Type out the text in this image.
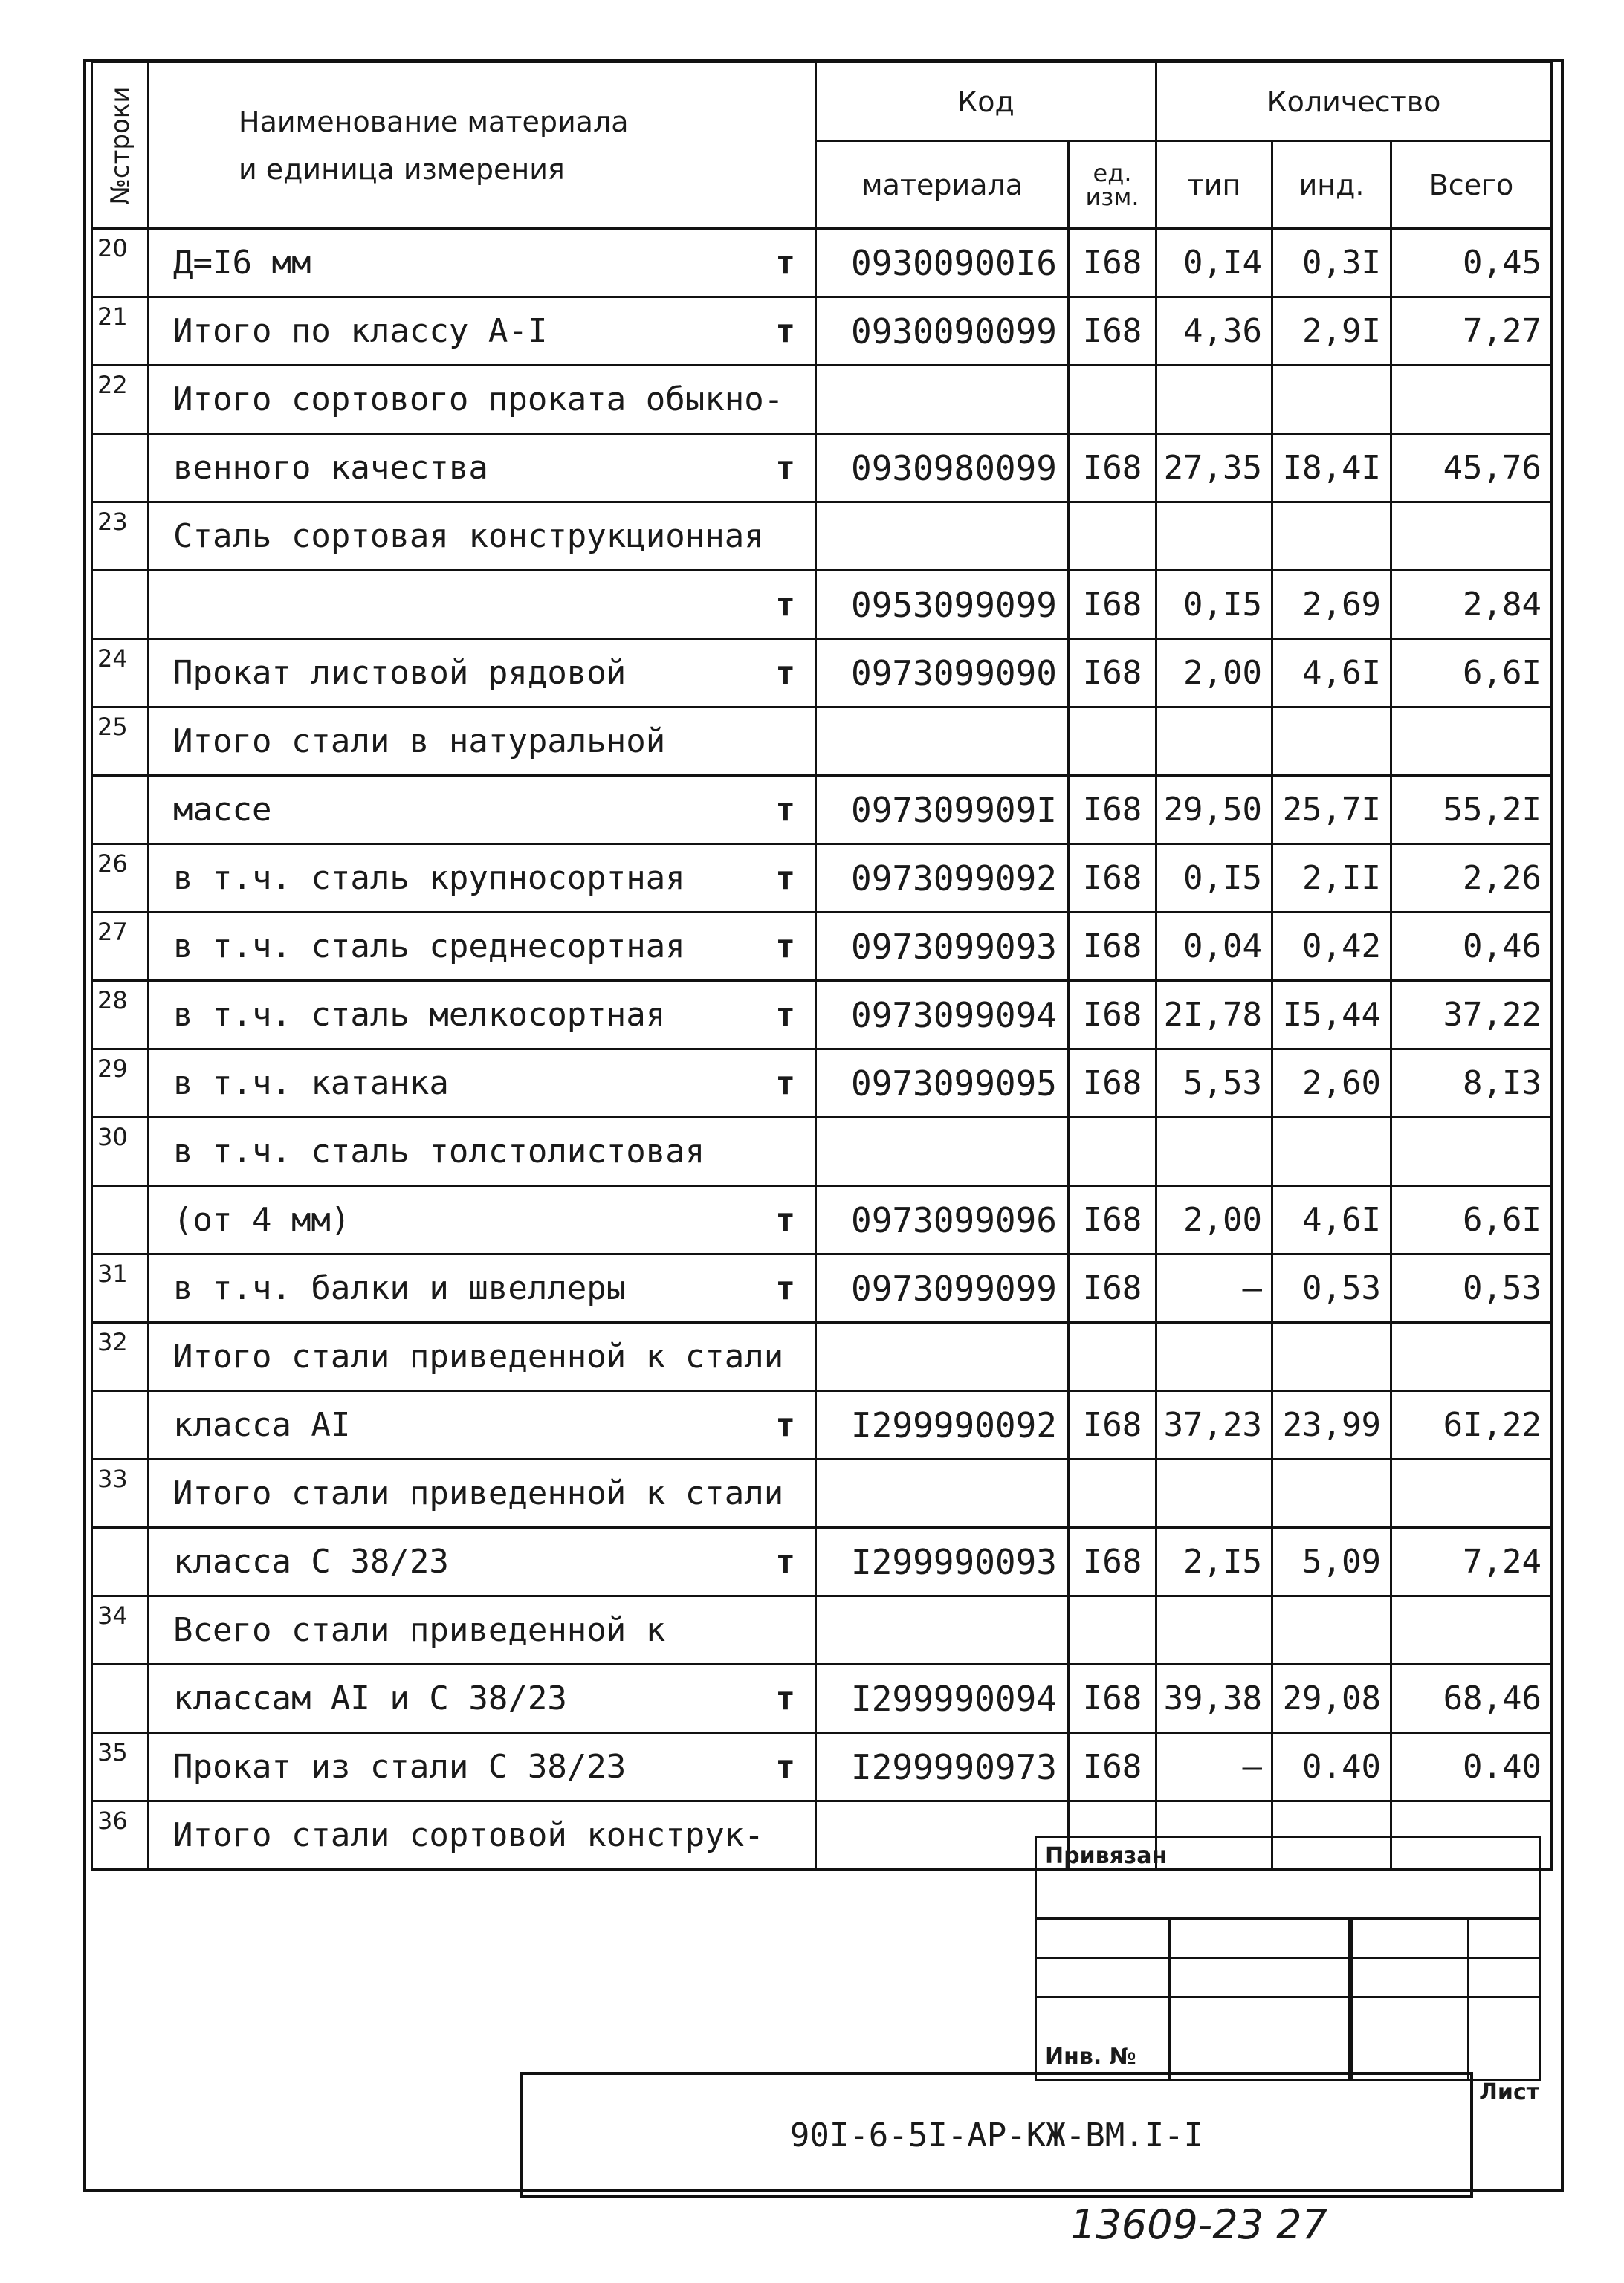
№строки	Наименование материала
и единица измерения	Код		Количество		
		материала	ед. изм.	тип	инд.	Всего
20	Д=I6 мм т	09300900I6	I68	0,I4	0,3I	0,45
21	Итого по классу А-I т	0930090099	I68	4,36	2,9I	7,27
22	Итого сортового проката обыкно-

	венного качества т	0930980099	I68	27,35	I8,4I	45,76
23	Сталь сортовая конструкционная

	т	0953099099	I68	0,I5	2,69	2,84
24	Прокат листовой рядовой т	0973099090	I68	2,00	4,6I	6,6I
25	Итого стали в натуральной

	массе т	097309909I	I68	29,50	25,7I	55,2I
26	в т.ч. сталь крупносортная т	0973099092	I68	0,I5	2,II	2,26
27	в т.ч. сталь среднесортная т	0973099093	I68	0,04	0,42	0,46
28	в т.ч. сталь мелкосортная т	0973099094	I68	2I,78	I5,44	37,22
29	в т.ч. катанка т	0973099095	I68	5,53	2,60	8,I3
30	в т.ч. сталь толстолистовая

	(от 4 мм) т	0973099096	I68	2,00	4,6I	6,6I
31	в т.ч. балки и швеллеры т	0973099099	I68	–	0,53	0,53
32	Итого стали приведенной к стали

	класса АI т	I299990092	I68	37,23	23,99	6I,22
33	Итого стали приведенной к стали

	класса С 38/23 т	I299990093	I68	2,I5	5,09	7,24
34	Всего стали приведенной к

	классам АI и С 38/23 т	I299990094	I68	39,38	29,08	68,46
35	Прокат из стали С 38/23 т	I299990973	I68	–	0.40	0.40
36	Итого стали сортовой конструк-

Привязан
Инв. №
90I-6-5I-АР-КЖ-ВМ.I-I
Лист
13609-23 27
